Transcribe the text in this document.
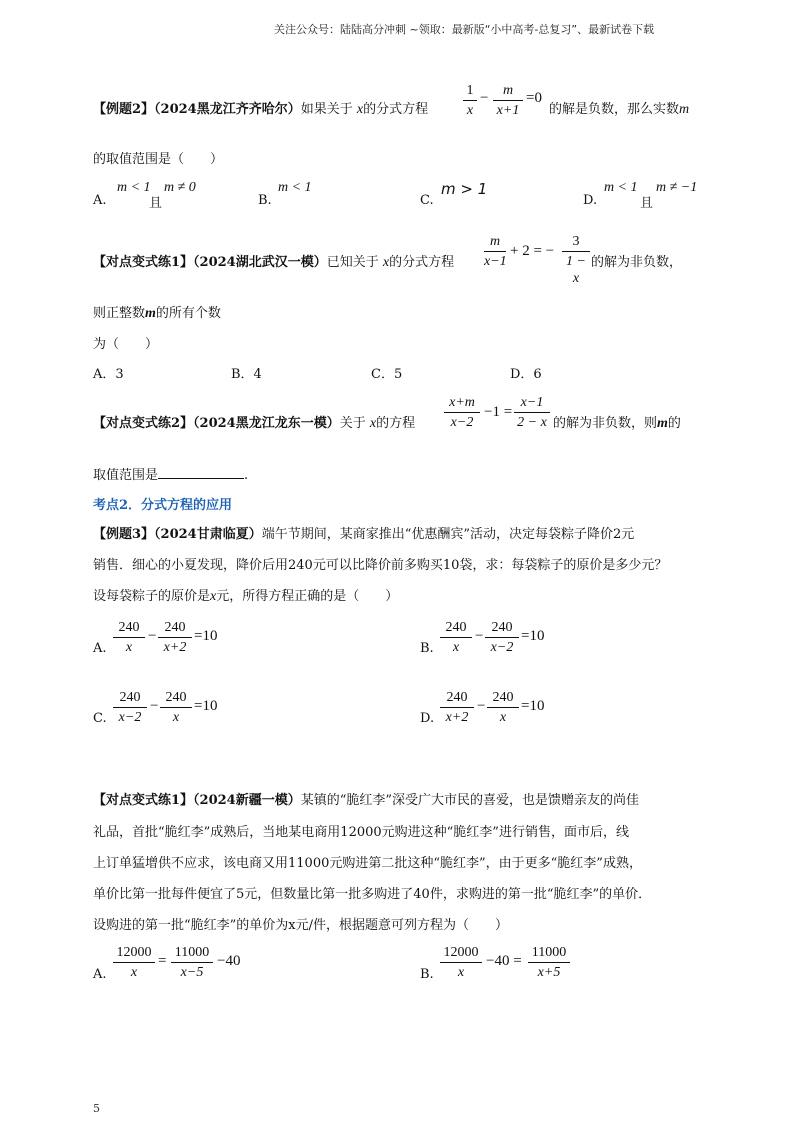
关注公众号：陆陆高分冲刺 ~领取：最新版“小中高考-总复习”、最新试卷下载
【例题2】（2024黑龙江齐齐哈尔）如果关于 x的分式方程
1
x
−	m
x+1
=0
的解是负数，那么实数m
的取值范围是（　　）
A.
m < 1
且
m ≠ 0
B.
m < 1
C.
m > 1
D.
m < 1
且
m ≠ −1
【对点变式练1】（2024湖北武汉一模）已知关于 x的分式方程
m
x−1
+ 2 = −
3
1 − x
的解为非负数，
则正整数m的所有个数
为（　　）
A．3	B．4	C．5	D．6
【对点变式练2】（2024黑龙江龙东一模）关于 x的方程
x+m
x−2
−1 =
x−1
2 − x 的解为非负数，则m的
取值范围是	.
考点2．分式方程的应用
【例题3】（2024甘肃临夏）端午节期间，某商家推出“优惠酬宾”活动，决定每袋粽子降价2元
销售．细心的小夏发现，降价后用240元可以比降价前多购买10袋，求：每袋粽子的原价是多少元？
设每袋粽子的原价是x元，所得方程正确的是（　　）
A.
240
x
−
240
x+2
=10
B.
240
x
−
240
x−2
=10
C.
240
x−2
−
240
x
=10
D.
240
x+2
−
240
x
=10
【对点变式练1】（2024新疆一模）某镇的“脆红李”深受广大市民的喜爱，也是馈赠亲友的尚佳
礼品，首批“脆红李”成熟后，当地某电商用12000元购进这种“脆红李”进行销售，面市后，线
上订单猛增供不应求，该电商又用11000元购进第二批这种“脆红李”，由于更多“脆红李”成熟，
单价比第一批每件便宜了5元，但数量比第一批多购进了40件，求购进的第一批“脆红李”的单价．
设购进的第一批“脆红李”的单价为x元/件，根据题意可列方程为（　　）
A.
12000
x
=
11000
x−5
−40
B.
12000
x
−40 =
11000
x+5
5
